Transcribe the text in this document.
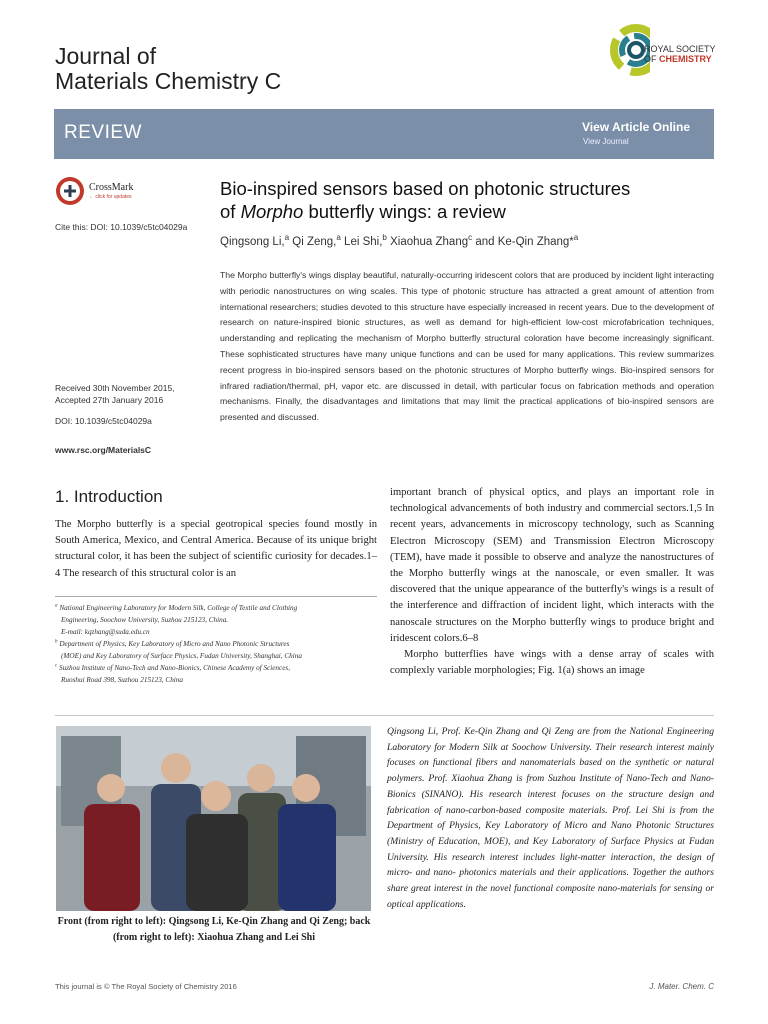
Journal of
Materials Chemistry C
ROYAL SOCIETY
OF CHEMISTRY
REVIEW	View Article Online
View Journal
CrossMark
← click for updates
Cite this: DOI: 10.1039/c5tc04029a
Received 30th November 2015,
Accepted 27th January 2016
DOI: 10.1039/c5tc04029a
www.rsc.org/MaterialsC
Bio-inspired sensors based on photonic structures
of Morpho butterfly wings: a review
Qingsong Li,$^a$ Qi Zeng,$^a$ Lei Shi,$^b$ Xiaohua Zhang$^c$ and Ke-Qin Zhang*$^a$
The Morpho butterfly's wings display beautiful, naturally-occurring iridescent colors that are produced by incident light interacting with periodic nanostructures on wing scales. This type of photonic structure has attracted a great amount of attention from international researchers; studies devoted to this structure have especially increased in recent years. Due to the development of research on nature-inspired bionic structures, as well as demand for high-efficient low-cost microfabrication techniques, understanding and replicating the mechanism of Morpho butterfly structural coloration have become increasingly significant. These sophisticated structures have many unique functions and can be used for many applications. This review summarizes recent progress in bio-inspired sensors based on the photonic structures of Morpho butterfly wings. Bio-inspired sensors for infrared radiation/thermal, pH, vapor etc. are discussed in detail, with particular focus on fabrication methods and operation mechanisms. Finally, the disadvantages and limitations that may limit the practical applications of bio-inspired sensors are presented and discussed.
1. Introduction
The Morpho butterfly is a special geotropical species found mostly in South America, Mexico, and Central America. Because of its unique bright structural color, it has been the subject of scientific curiosity for decades.1–4 The research of this structural color is an
important branch of physical optics, and plays an important role in technological advancements of both industry and commercial sectors.1,5 In recent years, advancements in microscopy technology, such as Scanning Electron Microscopy (SEM) and Transmission Electron Microscopy (TEM), have made it possible to observe and analyze the nanostructures of the Morpho butterfly wings at the nanoscale, or even smaller. It was discovered that the unique appearance of the butterfly's wings is a result of the interference and diffraction of incident light, which interacts with the nanoscale structures on the Morpho butterfly wings to produce bright and iridescent colors.6–8
Morpho butterflies have wings with a dense array of scales with complexly variable morphologies; Fig. 1(a) shows an image
$^a$ National Engineering Laboratory for Modern Silk, College of Textile and Clothing
Engineering, Soochow University, Suzhou 215123, China.
E-mail: kqzhang@suda.edu.cn
$^b$ Department of Physics, Key Laboratory of Micro and Nano Photonic Structures
(MOE) and Key Laboratory of Surface Physics, Fudan University, Shanghai, China
$^c$ Suzhou Institute of Nano-Tech and Nano-Bionics, Chinese Academy of Sciences,
Ruoshui Road 398, Suzhou 215123, China
Front (from right to left): Qingsong Li, Ke-Qin Zhang and Qi Zeng; back (from right to left): Xiaohua Zhang and Lei Shi
Qingsong Li, Prof. Ke-Qin Zhang and Qi Zeng are from the National Engineering Laboratory for Modern Silk at Soochow University. Their research interest mainly focuses on functional fibers and nanomaterials based on the synthetic or natural polymers. Prof. Xiaohua Zhang is from Suzhou Institute of Nano-Tech and Nano-Bionics (SINANO). His research interest focuses on the structure design and fabrication of nano-carbon-based composite materials. Prof. Lei Shi is from the Department of Physics, Key Laboratory of Micro and Nano Photonic Structures (Ministry of Education, MOE), and Key Laboratory of Surface Physics at Fudan University. His research interest includes light-matter interaction, the design of micro- and nano- photonics materials and their applications. Together the authors share great interest in the novel functional composite nano-materials for sensing or optical applications.
This journal is © The Royal Society of Chemistry 2016	J. Mater. Chem. C
